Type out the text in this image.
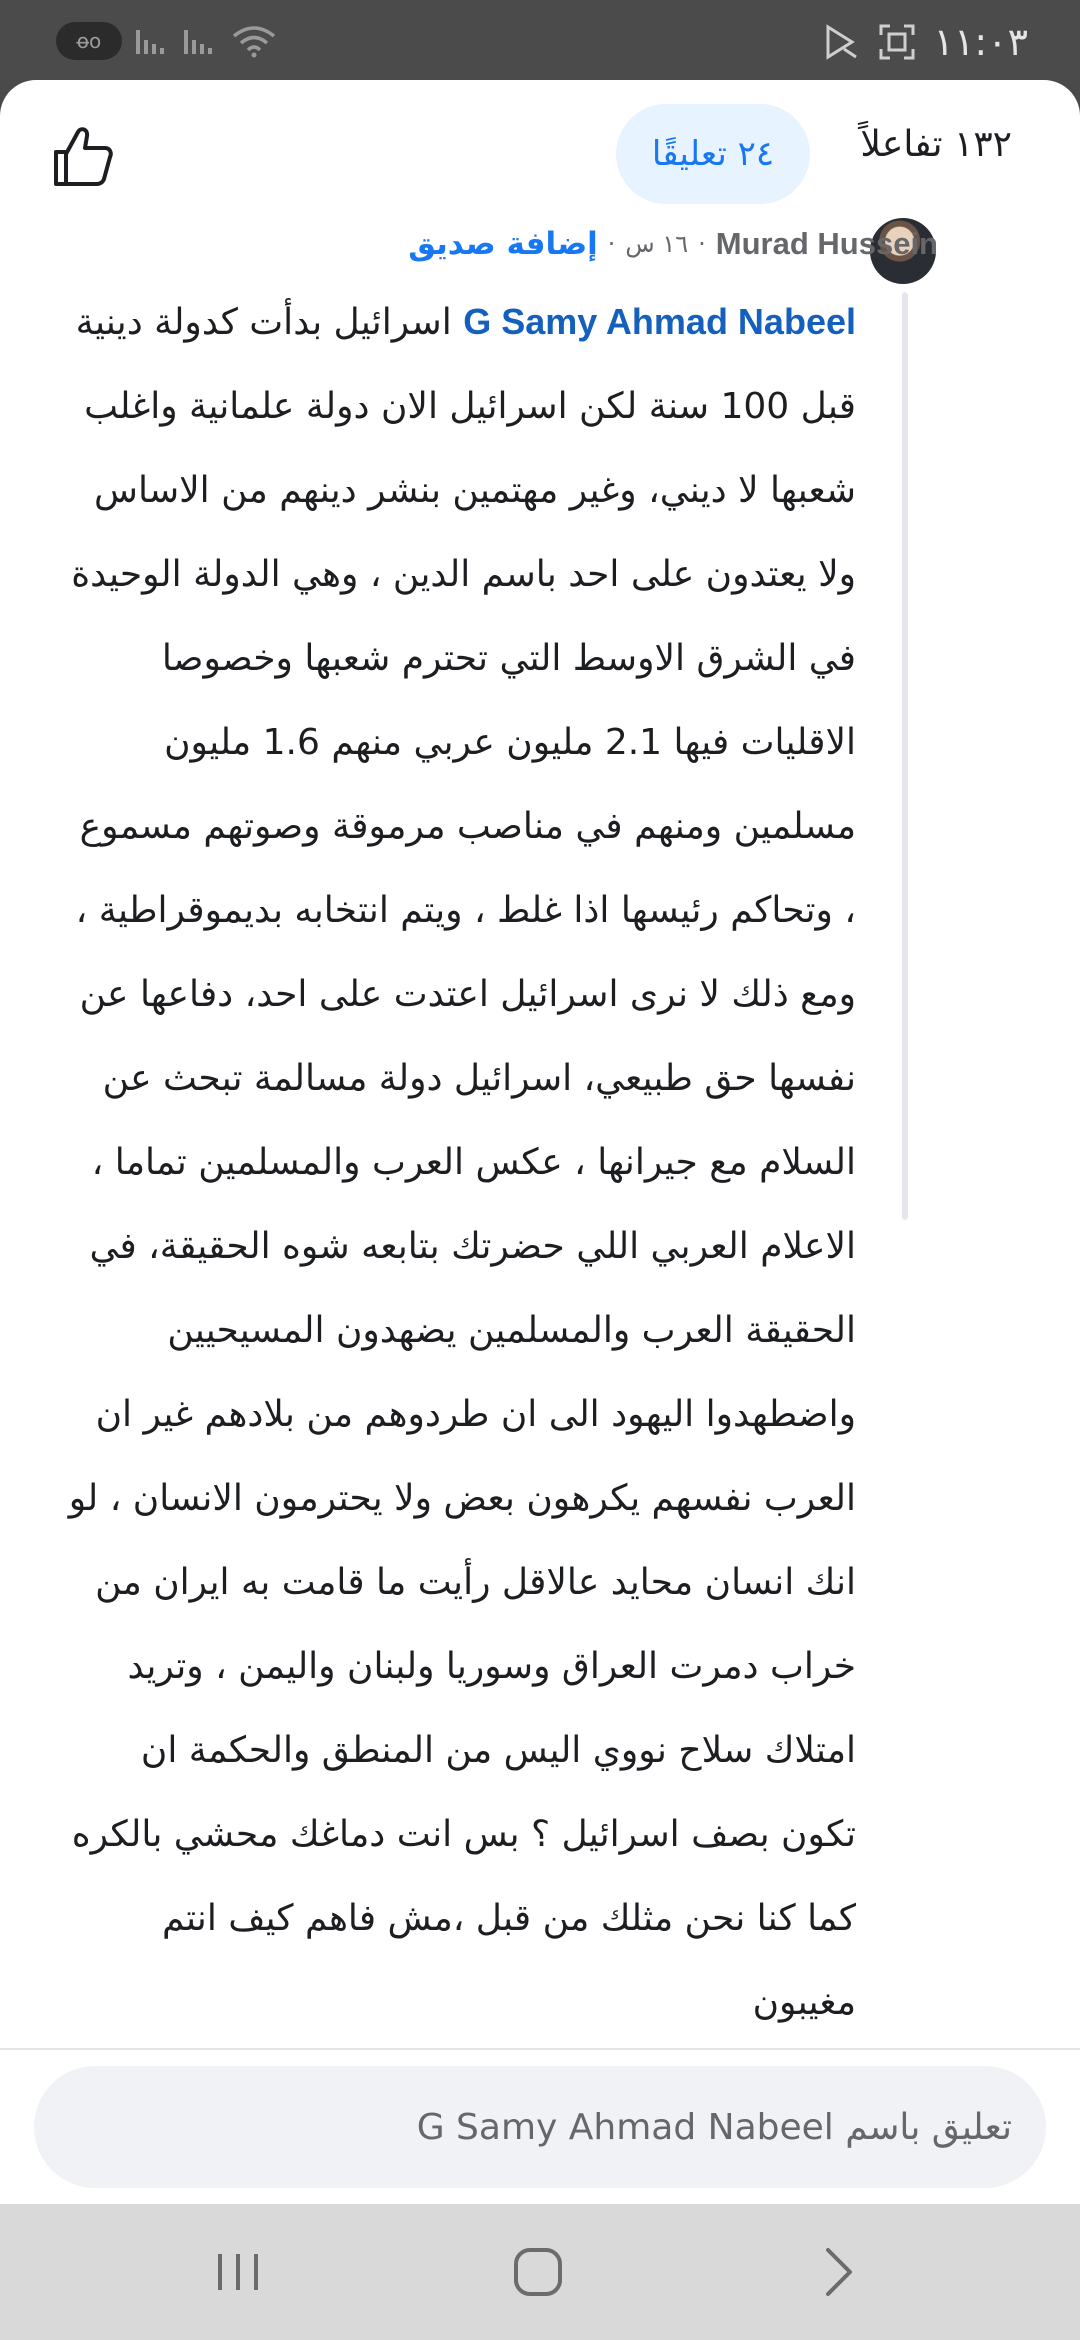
ᴏ̶ᴏ	١١:٠٣
١٣٢ تفاعلاً
٢٤ تعليقًا
Murad Hussein
·
١٦ س
·
إضافة صديق
G Samy Ahmad Nabeel اسرائيل بدأت كدولة دينية قبل 100 سنة لكن اسرائيل الان دولة علمانية واغلب شعبها لا ديني، وغير مهتمين بنشر دينهم من الاساس ولا يعتدون على احد باسم الدين ، وهي الدولة الوحيدة في الشرق الاوسط التي تحترم شعبها وخصوصا الاقليات فيها 2.1 مليون عربي منهم 1.6 مليون مسلمين ومنهم في مناصب مرموقة وصوتهم مسموع ، وتحاكم رئيسها اذا غلط ، ويتم انتخابه بديموقراطية ، ومع ذلك لا نرى اسرائيل اعتدت على احد، دفاعها عن نفسها حق طبيعي، اسرائيل دولة مسالمة تبحث عن السلام مع جيرانها ، عكس العرب والمسلمين تماما ، الاعلام العربي اللي حضرتك بتابعه شوه الحقيقة، في الحقيقة العرب والمسلمين يضهدون المسيحيين واضطهدوا اليهود الى ان طردوهم من بلادهم غير ان العرب نفسهم يكرهون بعض ولا يحترمون الانسان ، لو انك انسان محايد عالاقل رأيت ما قامت به ايران من خراب دمرت العراق وسوريا ولبنان واليمن ، وتريد امتلاك سلاح نووي اليس من المنطق والحكمة ان تكون بصف اسرائيل ؟ بس انت دماغك محشي بالكره كما كنا نحن مثلك من قبل ،مش فاهم كيف انتم مغيبون
تعليق باسم G Samy Ahmad Nabeel
